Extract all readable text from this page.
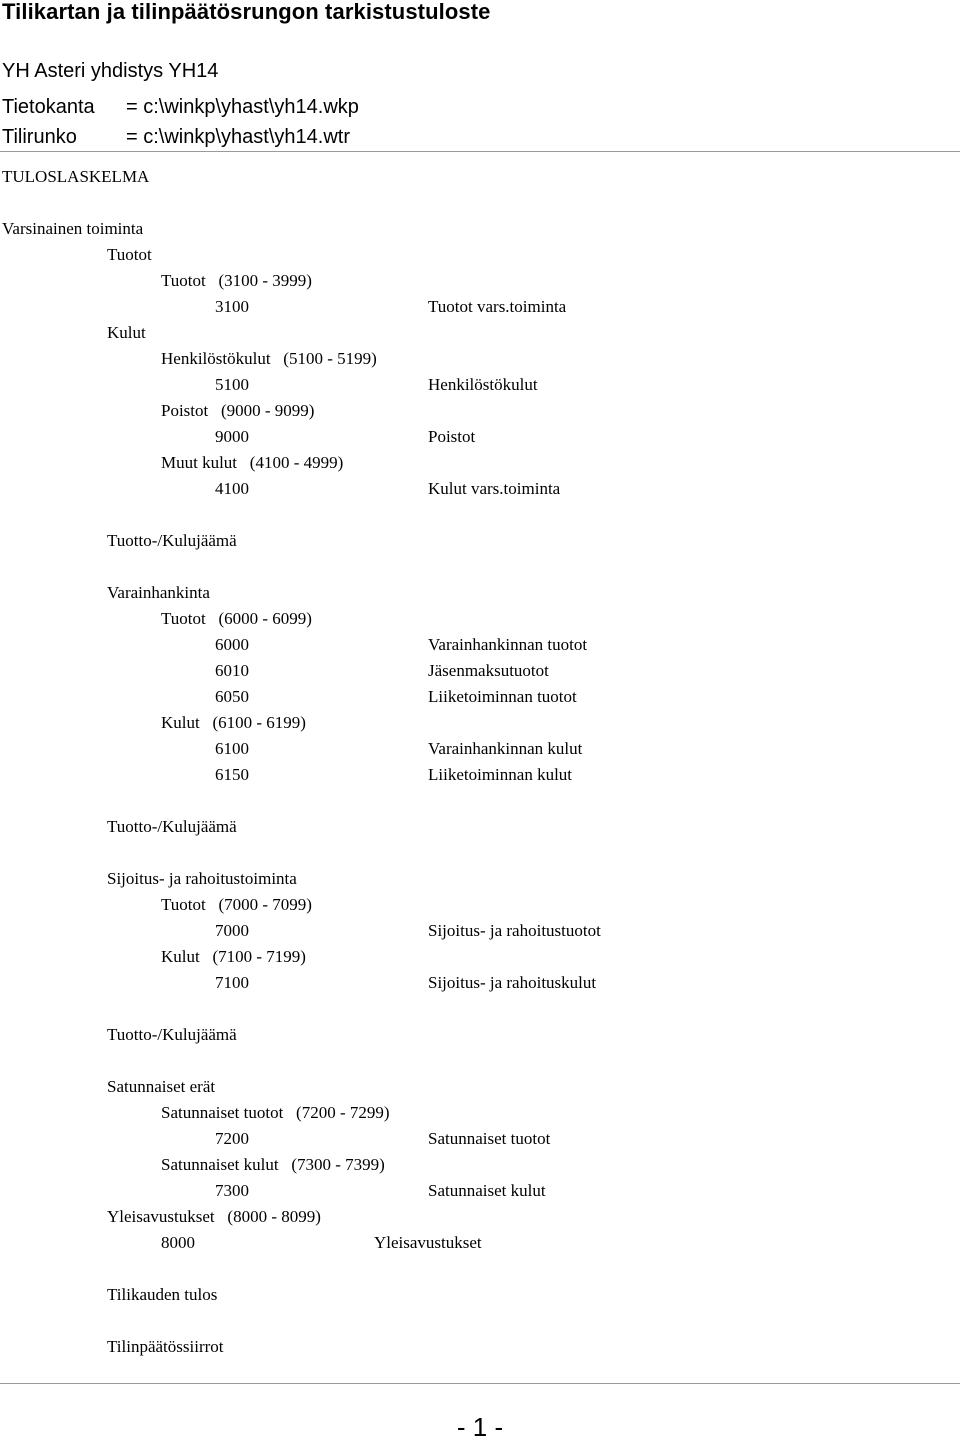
Tilikartan ja tilinpäätösrungon tarkistustuloste
YH Asteri yhdistys YH14
Tietokanta = c:\winkp\yhast\yh14.wkp
Tilirunko = c:\winkp\yhast\yh14.wtr
TULOSLASKELMA
Varsinainen toiminta
Tuotot
Tuotot   (3100 - 3999)
3100	Tuotot vars.toiminta
Kulut
Henkilöstökulut   (5100 - 5199)
5100	Henkilöstökulut
Poistot   (9000 - 9099)
9000	Poistot
Muut kulut   (4100 - 4999)
4100	Kulut vars.toiminta
Tuotto-/Kulujäämä
Varainhankinta
Tuotot   (6000 - 6099)
6000	Varainhankinnan tuotot
6010	Jäsenmaksutuotot
6050	Liiketoiminnan tuotot
Kulut   (6100 - 6199)
6100	Varainhankinnan kulut
6150	Liiketoiminnan kulut
Tuotto-/Kulujäämä
Sijoitus- ja rahoitustoiminta
Tuotot   (7000 - 7099)
7000	Sijoitus- ja rahoitustuotot
Kulut   (7100 - 7199)
7100	Sijoitus- ja rahoituskulut
Tuotto-/Kulujäämä
Satunnaiset erät
Satunnaiset tuotot   (7200 - 7299)
7200	Satunnaiset tuotot
Satunnaiset kulut   (7300 - 7399)
7300	Satunnaiset kulut
Yleisavustukset   (8000 - 8099)
8000	Yleisavustukset
Tilikauden tulos
Tilinpäätössiirrot
- 1 -
